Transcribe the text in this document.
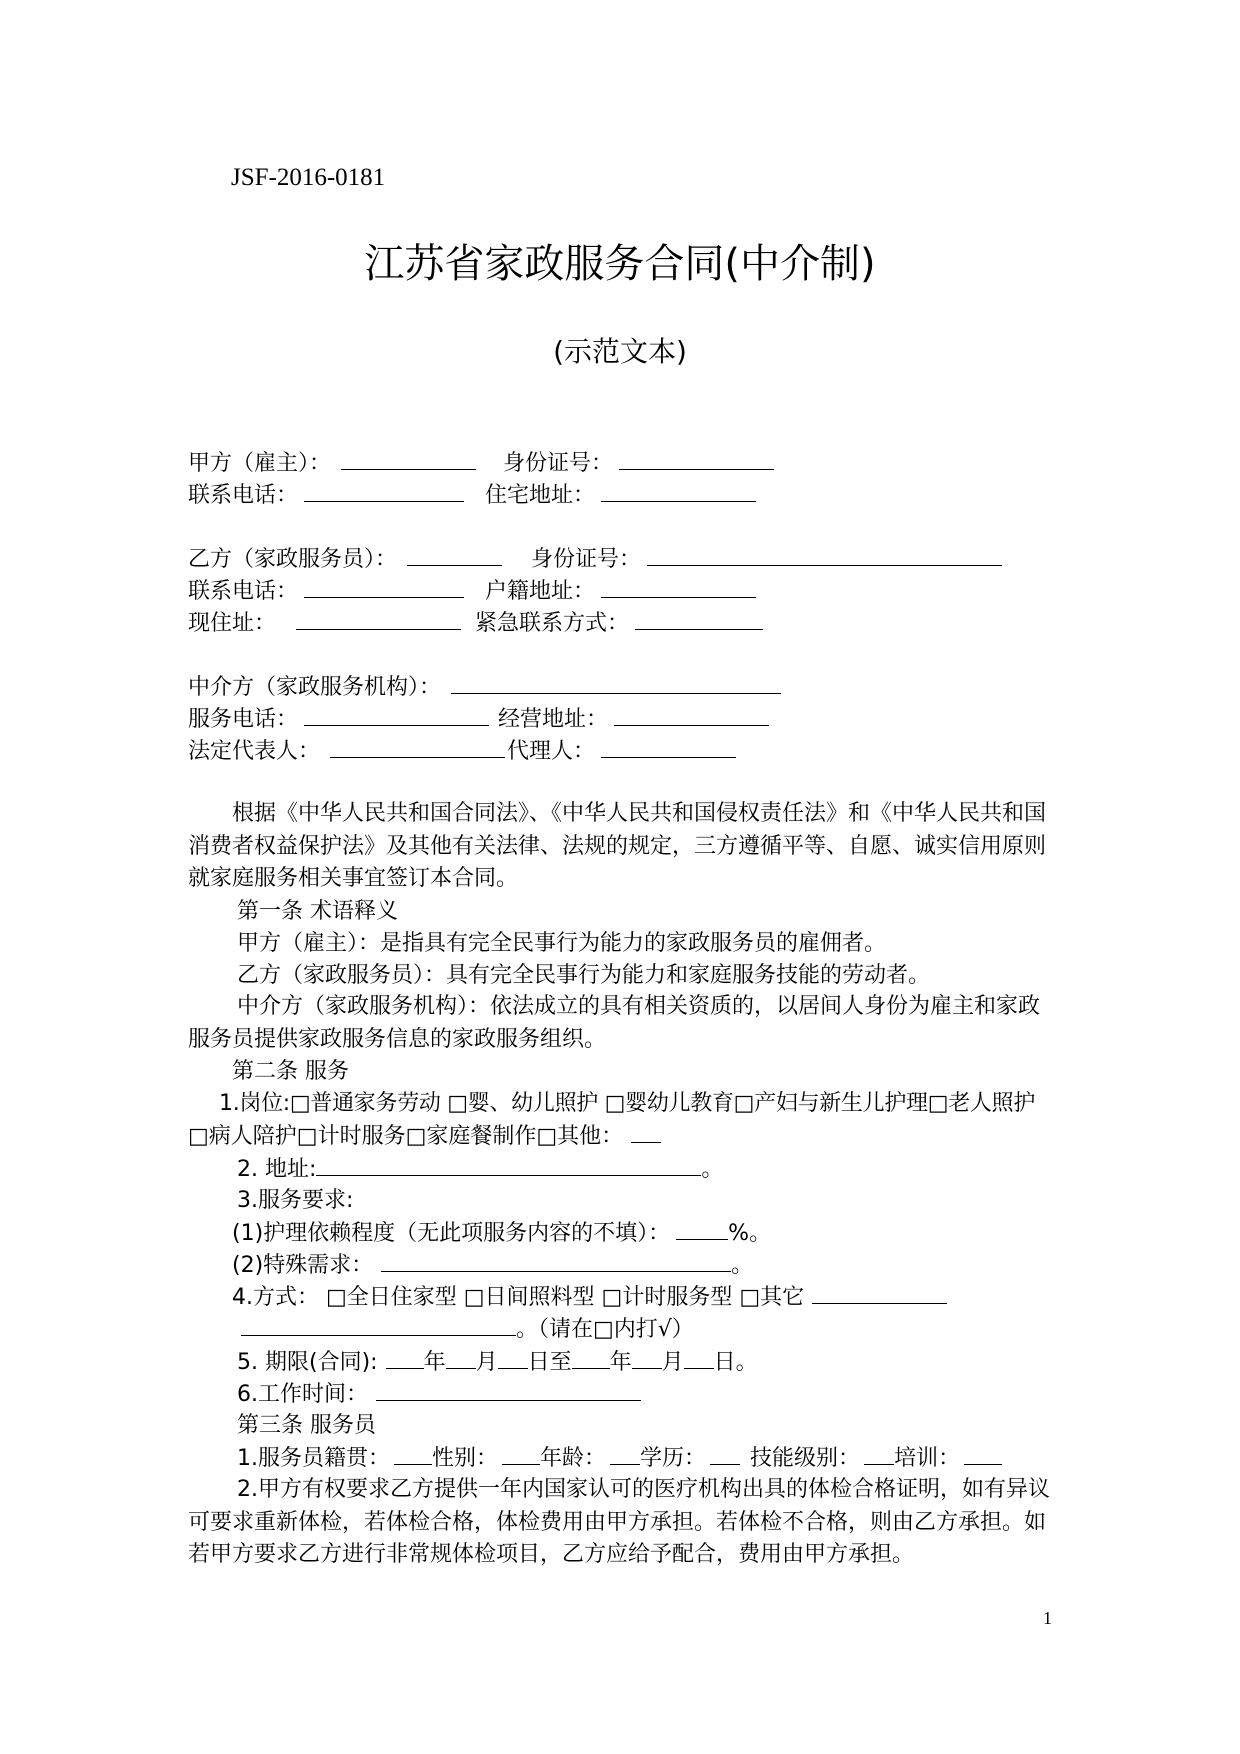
JSF-2016-0181
江苏省家政服务合同(中介制)
(示范文本)
甲方（雇主）：	身份证号：
联系电话：	住宅地址：
乙方（家政服务员）：	身份证号：
联系电话：	户籍地址：
现住址：	紧急联系方式：
中介方（家政服务机构）：
服务电话：	经营地址：
法定代表人：	代理人：
根据《中华人民共和国合同法》、《中华人民共和国侵权责任法》和《中华人民共和国消费者权益保护法》及其他有关法律、法规的规定，三方遵循平等、自愿、诚实信用原则就家庭服务相关事宜签订本合同。
第一条 术语释义
甲方（雇主）：是指具有完全民事行为能力的家政服务员的雇佣者。
乙方（家政服务员）：具有完全民事行为能力和家庭服务技能的劳动者。
中介方（家政服务机构）：依法成立的具有相关资质的，以居间人身份为雇主和家政服务员提供家政服务信息的家政服务组织。
第二条 服务
1.岗位:□普通家务劳动 □婴、幼儿照护 □婴幼儿教育□产妇与新生儿护理□老人照护
□病人陪护□计时服务□家庭餐制作□其他：
2. 地址:	。
3.服务要求:
(1)护理依赖程度（无此项服务内容的不填）：	%。
(2)特殊需求：	。
4.方式： □全日住家型 □日间照料型 □计时服务型 □其它
。（请在□内打√）
5. 期限(合同): 年 月 日至 年 月 日。
6.工作时间：
第三条 服务员
1.服务员籍贯： 性别： 年龄： 学历： 技能级别： 培训：
2.甲方有权要求乙方提供一年内国家认可的医疗机构出具的体检合格证明，如有异议可要求重新体检，若体检合格，体检费用由甲方承担。若体检不合格，则由乙方承担。如若甲方要求乙方进行非常规体检项目，乙方应给予配合，费用由甲方承担。
1
